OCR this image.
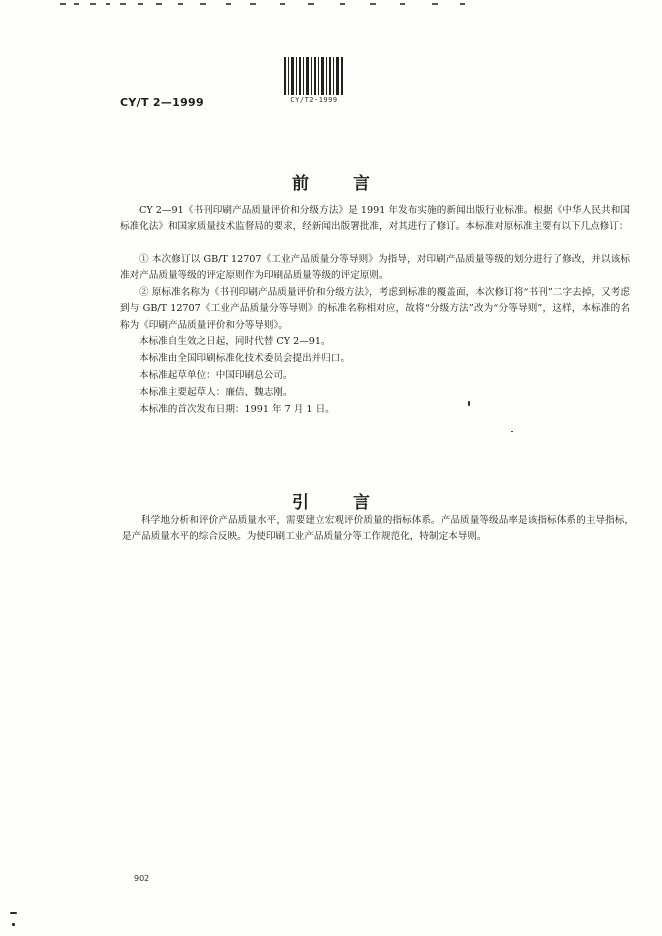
CY/T 2—1999	CY/T2-1999
前言

CY 2—91《书刊印刷产品质量评价和分级方法》是 1991 年发布实施的新闻出版行业标准。根据《中华人民共和国标准化法》和国家质量技术监督局的要求，经新闻出版署批准，对其进行了修订。本标准对原标准主要有以下几点修订：

① 本次修订以 GB/T 12707《工业产品质量分等导则》为指导，对印刷产品质量等级的划分进行了修改，并以该标准对产品质量等级的评定原则作为印刷品质量等级的评定原则。

② 原标准名称为《书刊印刷产品质量评价和分级方法》，考虑到标准的覆盖面，本次修订将“书刊”二字去掉，又考虑到与 GB/T 12707《工业产品质量分等导则》的标准名称相对应，故将“分级方法”改为“分等导则”，这样，本标准的名称为《印刷产品质量评价和分等导则》。

本标准自生效之日起，同时代替 CY 2—91。

本标准由全国印刷标准化技术委员会提出并归口。

本标准起草单位：中国印刷总公司。

本标准主要起草人：廉佶、魏志刚。

本标准的首次发布日期：1991 年 7 月 1 日。

引言

科学地分析和评价产品质量水平，需要建立宏观评价质量的指标体系。产品质量等级品率是该指标体系的主导指标，是产品质量水平的综合反映。为使印刷工业产品质量分等工作规范化，特制定本导则。

902
